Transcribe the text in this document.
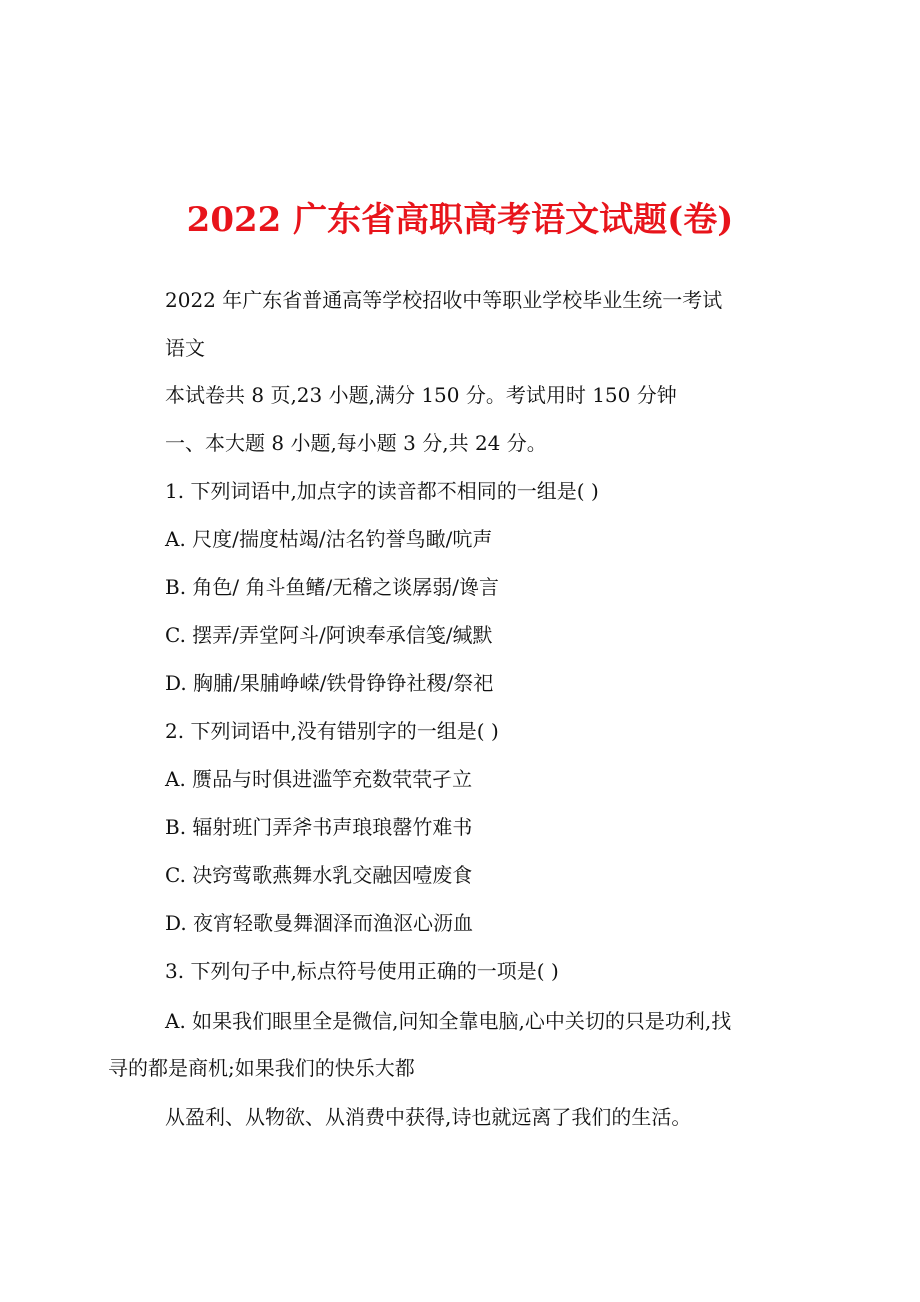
2022 广东省高职高考语文试题(卷)
2022 年广东省普通高等学校招收中等职业学校毕业生统一考试
语文
本试卷共 8 页,23 小题,满分 150 分。考试用时 150 分钟
一、本大题 8 小题,每小题 3 分,共 24 分。
1. 下列词语中,加点字的读音都不相同的一组是( )
A. 尺度/揣度枯竭/沽名钓誉鸟瞰/吭声
B. 角色/ 角斗鱼鳍/无稽之谈孱弱/谗言
C. 摆弄/弄堂阿斗/阿谀奉承信笺/缄默
D. 胸脯/果脯峥嵘/铁骨铮铮社稷/祭祀
2. 下列词语中,没有错别字的一组是( )
A. 赝品与时俱进滥竽充数茕茕孑立
B. 辐射班门弄斧书声琅琅罄竹难书
C. 决窍莺歌燕舞水乳交融因噎废食
D. 夜宵轻歌曼舞涸泽而渔沤心沥血
3. 下列句子中,标点符号使用正确的一项是( )
A. 如果我们眼里全是微信,问知全靠电脑,心中关切的只是功利,找
寻的都是商机;如果我们的快乐大都
从盈利、从物欲、从消费中获得,诗也就远离了我们的生活。
